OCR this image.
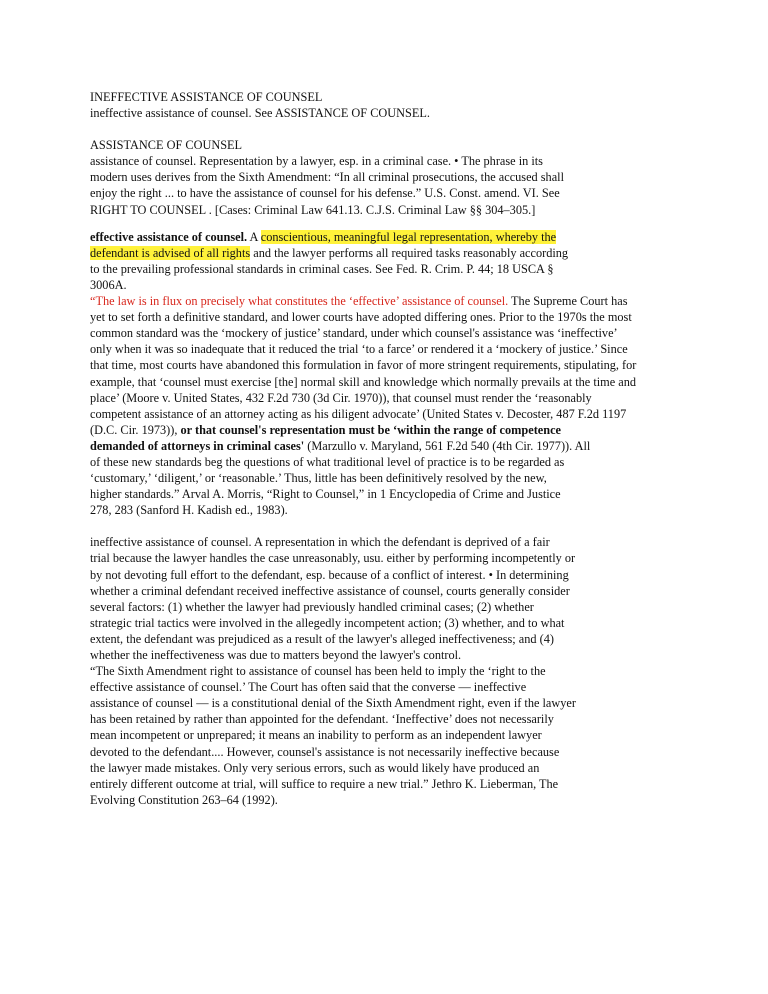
INEFFECTIVE ASSISTANCE OF COUNSEL
ineffective assistance of counsel. See ASSISTANCE OF COUNSEL.
ASSISTANCE OF COUNSEL
assistance of counsel. Representation by a lawyer, esp. in a criminal case. • The phrase in its
modern uses derives from the Sixth Amendment: “In all criminal prosecutions, the accused shall
enjoy the right ... to have the assistance of counsel for his defense.” U.S. Const. amend. VI. See
RIGHT TO COUNSEL . [Cases: Criminal Law 641.13. C.J.S. Criminal Law §§ 304–305.]
effective assistance of counsel. A conscientious, meaningful legal representation, whereby the
defendant is advised of all rights and the lawyer performs all required tasks reasonably according
to the prevailing professional standards in criminal cases. See Fed. R. Crim. P. 44; 18 USCA §
3006A.
“The law is in flux on precisely what constitutes the ‘effective’ assistance of counsel. The Supreme Court has
yet to set forth a definitive standard, and lower courts have adopted differing ones. Prior to the 1970s the most
common standard was the ‘mockery of justice’ standard, under which counsel's assistance was ‘ineffective’
only when it was so inadequate that it reduced the trial ‘to a farce’ or rendered it a ‘mockery of justice.’ Since
that time, most courts have abandoned this formulation in favor of more stringent requirements, stipulating, for
example, that ‘counsel must exercise [the] normal skill and knowledge which normally prevails at the time and
place’ (Moore v. United States, 432 F.2d 730 (3d Cir. 1970)), that counsel must render the ‘reasonably
competent assistance of an attorney acting as his diligent advocate’ (United States v. Decoster, 487 F.2d 1197
(D.C. Cir. 1973)), or that counsel's representation must be ‘within the range of competence
demanded of attorneys in criminal cases' (Marzullo v. Maryland, 561 F.2d 540 (4th Cir. 1977)). All
of these new standards beg the questions of what traditional level of practice is to be regarded as
‘customary,’ ‘diligent,’ or ‘reasonable.’ Thus, little has been definitively resolved by the new,
higher standards.” Arval A. Morris, “Right to Counsel,” in 1 Encyclopedia of Crime and Justice
278, 283 (Sanford H. Kadish ed., 1983).
ineffective assistance of counsel. A representation in which the defendant is deprived of a fair
trial because the lawyer handles the case unreasonably, usu. either by performing incompetently or
by not devoting full effort to the defendant, esp. because of a conflict of interest. • In determining
whether a criminal defendant received ineffective assistance of counsel, courts generally consider
several factors: (1) whether the lawyer had previously handled criminal cases; (2) whether
strategic trial tactics were involved in the allegedly incompetent action; (3) whether, and to what
extent, the defendant was prejudiced as a result of the lawyer's alleged ineffectiveness; and (4)
whether the ineffectiveness was due to matters beyond the lawyer's control.
“The Sixth Amendment right to assistance of counsel has been held to imply the ‘right to the
effective assistance of counsel.’ The Court has often said that the converse — ineffective
assistance of counsel — is a constitutional denial of the Sixth Amendment right, even if the lawyer
has been retained by rather than appointed for the defendant. ‘Ineffective’ does not necessarily
mean incompetent or unprepared; it means an inability to perform as an independent lawyer
devoted to the defendant.... However, counsel's assistance is not necessarily ineffective because
the lawyer made mistakes. Only very serious errors, such as would likely have produced an
entirely different outcome at trial, will suffice to require a new trial.” Jethro K. Lieberman, The
Evolving Constitution 263–64 (1992).
